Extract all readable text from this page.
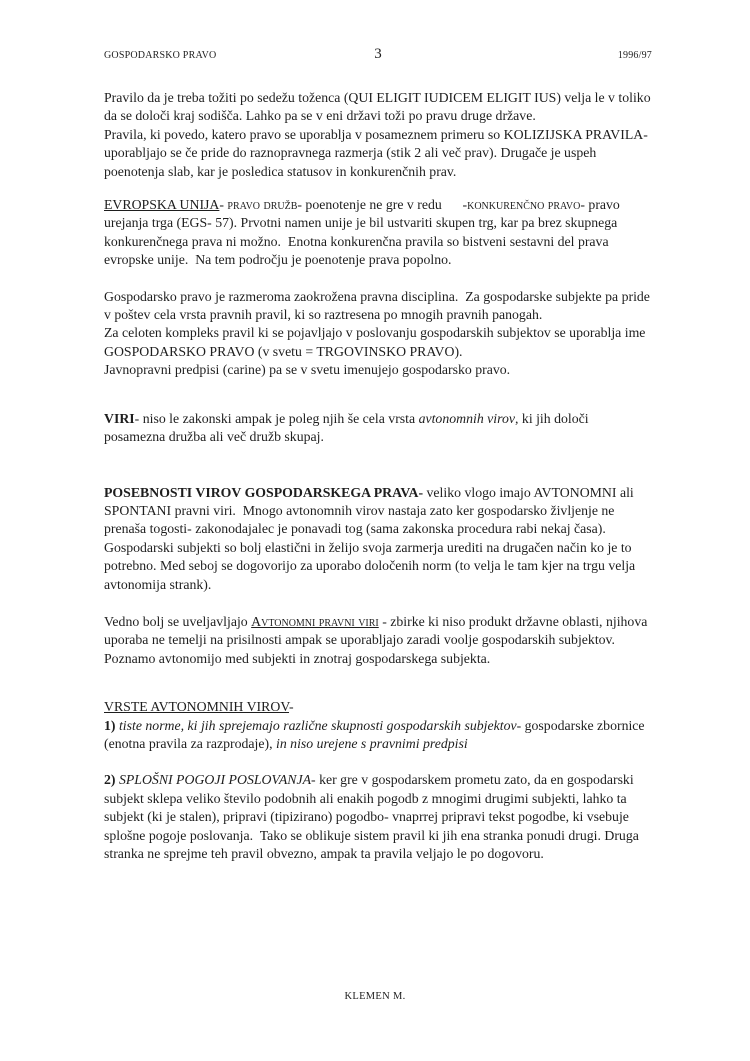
GOSPODARSKO PRAVO	3	1996/97

Pravilo da je treba tožiti po sedežu toženca (QUI ELIGIT IUDICEM ELIGIT IUS) velja le v toliko da se določi kraj sodišča. Lahko pa se v eni državi toži po pravu druge države.

Pravila, ki povedo, katero pravo se uporablja v posameznem primeru so KOLIZIJSKA PRAVILA- uporabljajo se če pride do raznopravnega razmerja (stik 2 ali več prav). Drugače je uspeh poenotenja slab, kar je posledica statusov in konkurenčnih prav.

EVROPSKA UNIJA- pravo družb- poenotenje ne gre v redu      -konkurenčno pravo- pravo urejanja trga (EGS- 57). Prvotni namen unije je bil ustvariti skupen trg, kar pa brez skupnega konkurenčnega prava ni možno.  Enotna konkurenčna pravila so bistveni sestavni del prava evropske unije.  Na tem področju je poenotenje prava popolno.

Gospodarsko pravo je razmeroma zaokrožena pravna disciplina.  Za gospodarske subjekte pa pride v poštev cela vrsta pravnih pravil, ki so raztresena po mnogih pravnih panogah.

Za celoten kompleks pravil ki se pojavljajo v poslovanju gospodarskih subjektov se uporablja ime GOSPODARSKO PRAVO (v svetu = TRGOVINSKO PRAVO).

Javnopravni predpisi (carine) pa se v svetu imenujejo gospodarsko pravo.

VIRI- niso le zakonski ampak je poleg njih še cela vrsta avtonomnih virov, ki jih določi posamezna družba ali več družb skupaj.

POSEBNOSTI VIROV GOSPODARSKEGA PRAVA- veliko vlogo imajo AVTONOMNI ali SPONTANI pravni viri.  Mnogo avtonomnih virov nastaja zato ker gospodarsko življenje ne prenaša togosti- zakonodajalec je ponavadi tog (sama zakonska procedura rabi nekaj časa).  Gospodarski subjekti so bolj elastični in želijo svoja zarmerja urediti na drugačen način ko je to potrebno. Med seboj se dogovorijo za uporabo določenih norm (to velja le tam kjer na trgu velja avtonomija strank).

Vedno bolj se uveljavljajo Avtonomni pravni viri - zbirke ki niso produkt državne oblasti, njihova uporaba ne temelji na prisilnosti ampak se uporabljajo zaradi voolje gospodarskih subjektov.

Poznamo avtonomijo med subjekti in znotraj gospodarskega subjekta.

VRSTE AVTONOMNIH VIROV-

1) tiste norme, ki jih sprejemajo različne skupnosti gospodarskih subjektov- gospodarske zbornice (enotna pravila za razprodaje), in niso urejene s pravnimi predpisi

2) SPLOŠNI POGOJI POSLOVANJA- ker gre v gospodarskem prometu zato, da en gospodarski subjekt sklepa veliko število podobnih ali enakih pogodb z mnogimi drugimi subjekti, lahko ta subjekt (ki je stalen), pripravi (tipizirano) pogodbo- vnaprrej pripravi tekst pogodbe, ki vsebuje splošne pogoje poslovanja.  Tako se oblikuje sistem pravil ki jih ena stranka ponudi drugi. Druga stranka ne sprejme teh pravil obvezno, ampak ta pravila veljajo le po dogovoru.

KLEMEN M.
